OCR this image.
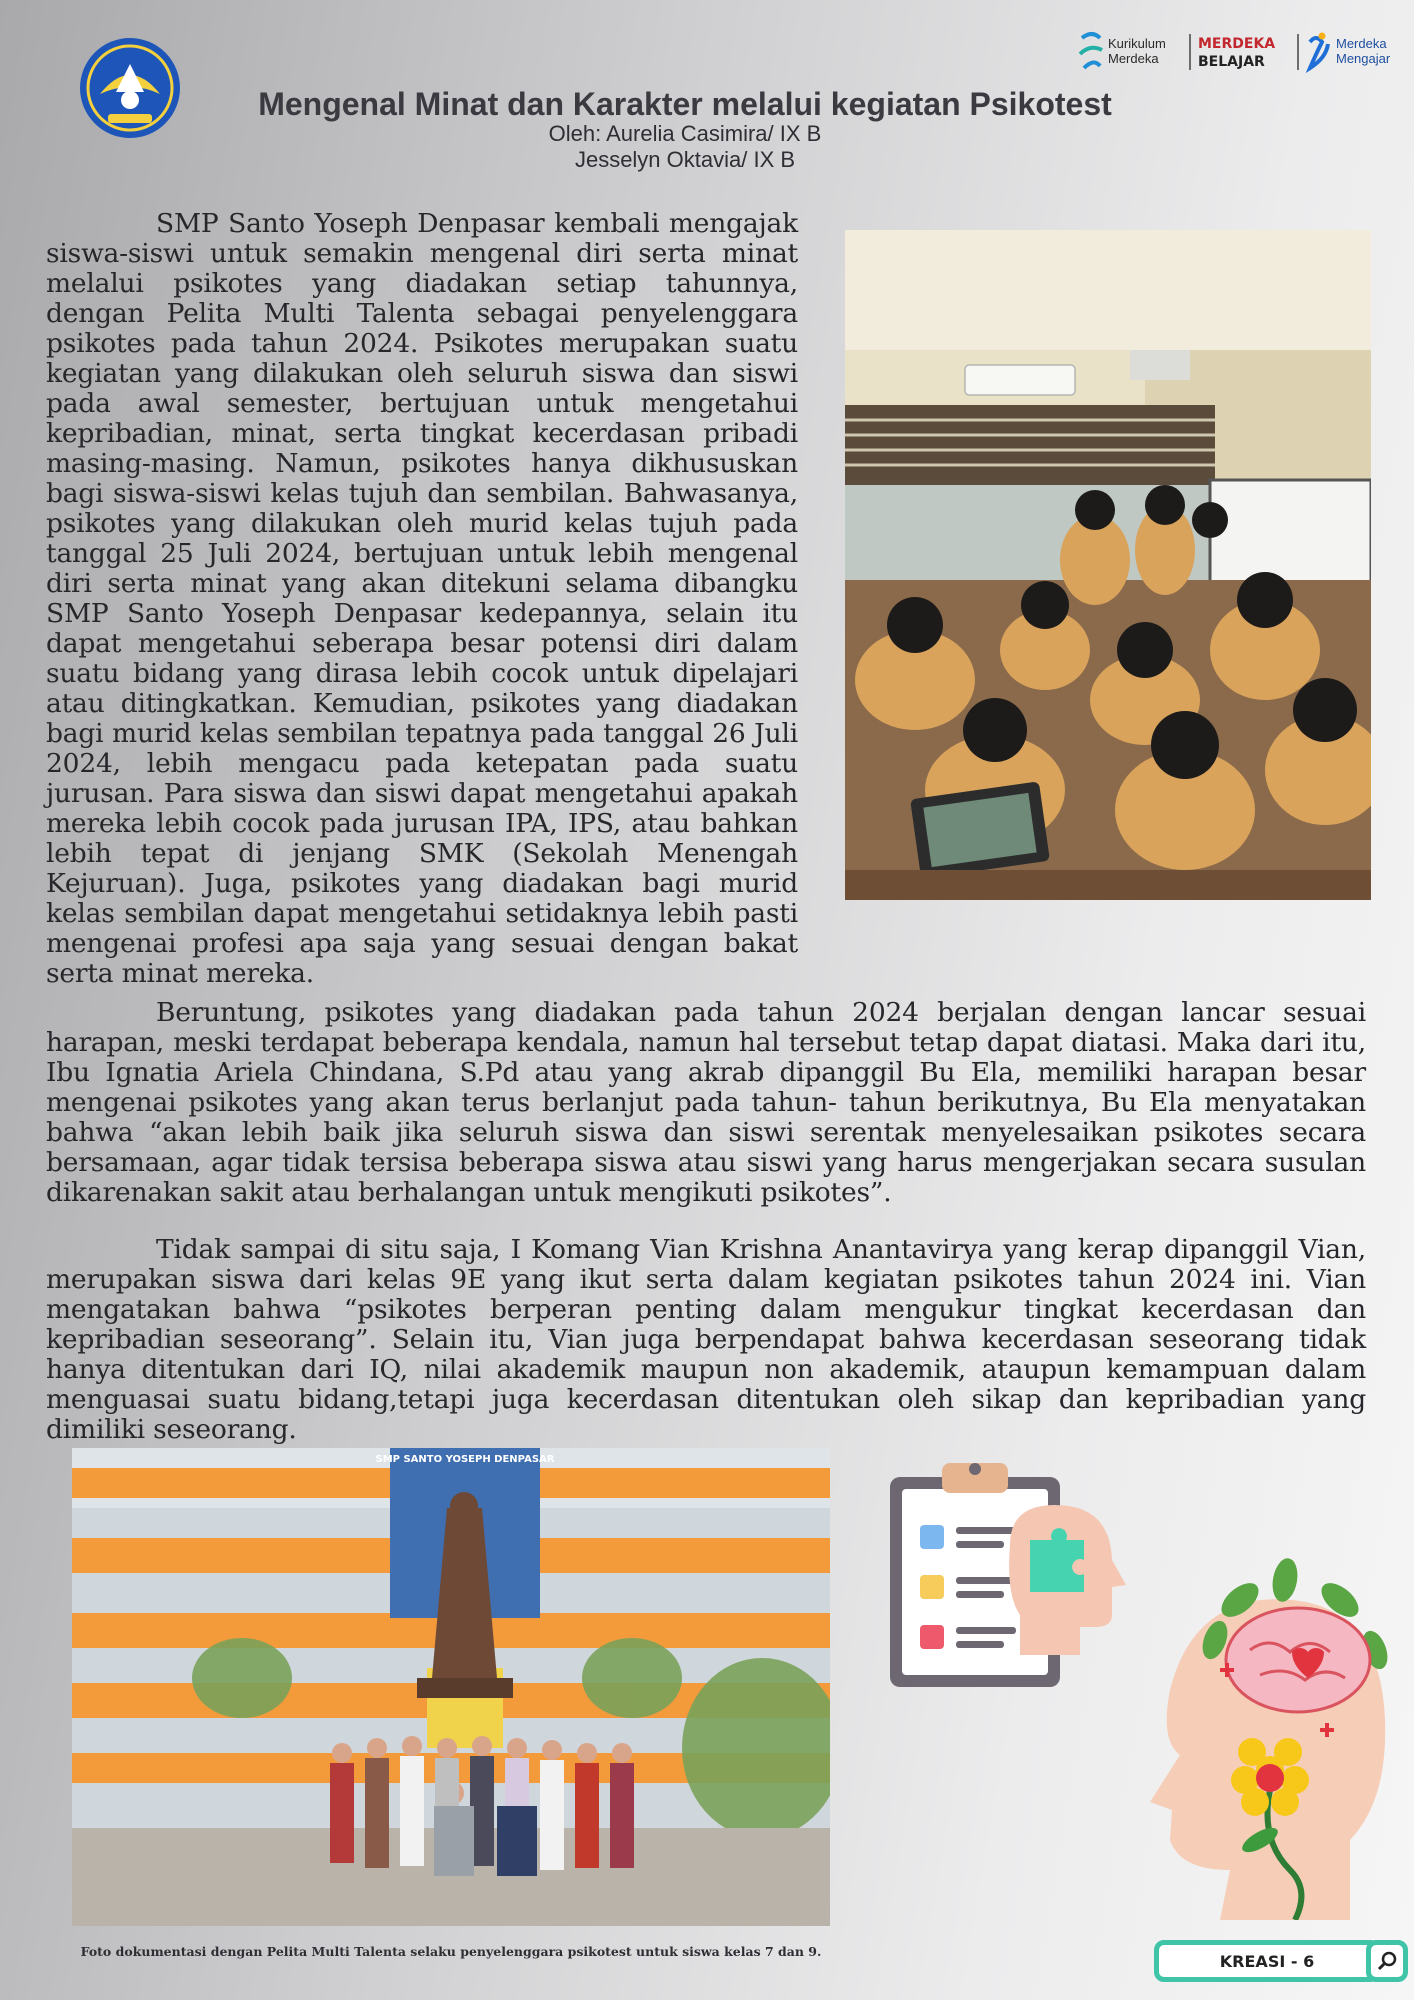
Kurikulum
Merdeka
MERDEKA
BELAJAR
Merdeka
Mengajar
Mengenal Minat dan Karakter melalui kegiatan Psikotest
Oleh: Aurelia Casimira/ IX B
Jesselyn Oktavia/ IX B

SMP Santo Yoseph Denpasar kembali mengajak siswa-siswi untuk semakin mengenal diri serta minat melalui psikotes yang diadakan setiap tahunnya, dengan Pelita Multi Talenta sebagai penyelenggara psikotes pada tahun 2024. Psikotes merupakan suatu kegiatan yang dilakukan oleh seluruh siswa dan siswi pada awal semester, bertujuan untuk mengetahui kepribadian, minat, serta tingkat kecerdasan pribadi masing-masing. Namun, psikotes hanya dikhususkan bagi siswa-siswi kelas tujuh dan sembilan. Bahwasanya, psikotes yang dilakukan oleh murid kelas tujuh pada tanggal 25 Juli 2024, bertujuan untuk lebih mengenal diri serta minat yang akan ditekuni selama dibangku SMP Santo Yoseph Denpasar kedepannya, selain itu dapat mengetahui seberapa besar potensi diri dalam suatu bidang yang dirasa lebih cocok untuk dipelajari atau ditingkatkan. Kemudian, psikotes yang diadakan bagi murid kelas sembilan tepatnya pada tanggal 26 Juli 2024, lebih mengacu pada ketepatan pada suatu jurusan. Para siswa dan siswi dapat mengetahui apakah mereka lebih cocok pada jurusan IPA, IPS, atau bahkan lebih tepat di jenjang SMK (Sekolah Menengah Kejuruan). Juga, psikotes yang diadakan bagi murid kelas sembilan dapat mengetahui setidaknya lebih pasti mengenai profesi apa saja yang sesuai dengan bakat serta minat mereka.

Beruntung, psikotes yang diadakan pada tahun 2024 berjalan dengan lancar sesuai harapan, meski terdapat beberapa kendala, namun hal tersebut tetap dapat diatasi. Maka dari itu, Ibu Ignatia Ariela Chindana, S.Pd atau yang akrab dipanggil Bu Ela, memiliki harapan besar mengenai psikotes yang akan terus berlanjut pada tahun- tahun berikutnya, Bu Ela menyatakan bahwa “akan lebih baik jika seluruh siswa dan siswi serentak menyelesaikan psikotes secara bersamaan, agar tidak tersisa beberapa siswa atau siswi yang harus mengerjakan secara susulan dikarenakan sakit atau berhalangan untuk mengikuti psikotes”.

Tidak sampai di situ saja, I Komang Vian Krishna Anantavirya yang kerap dipanggil Vian, merupakan siswa dari kelas 9E yang ikut serta dalam kegiatan psikotes tahun 2024 ini. Vian mengatakan bahwa “psikotes berperan penting dalam mengukur tingkat kecerdasan dan kepribadian seseorang”. Selain itu, Vian juga berpendapat bahwa kecerdasan seseorang tidak hanya ditentukan dari IQ, nilai akademik maupun non akademik, ataupun kemampuan dalam menguasai suatu bidang,tetapi juga kecerdasan ditentukan oleh sikap dan kepribadian yang dimiliki seseorang.

SMP SANTO YOSEPH DENPASAR

Foto dokumentasi dengan Pelita Multi Talenta selaku penyelenggara psikotest untuk siswa kelas 7 dan 9.	KREASI - 6
